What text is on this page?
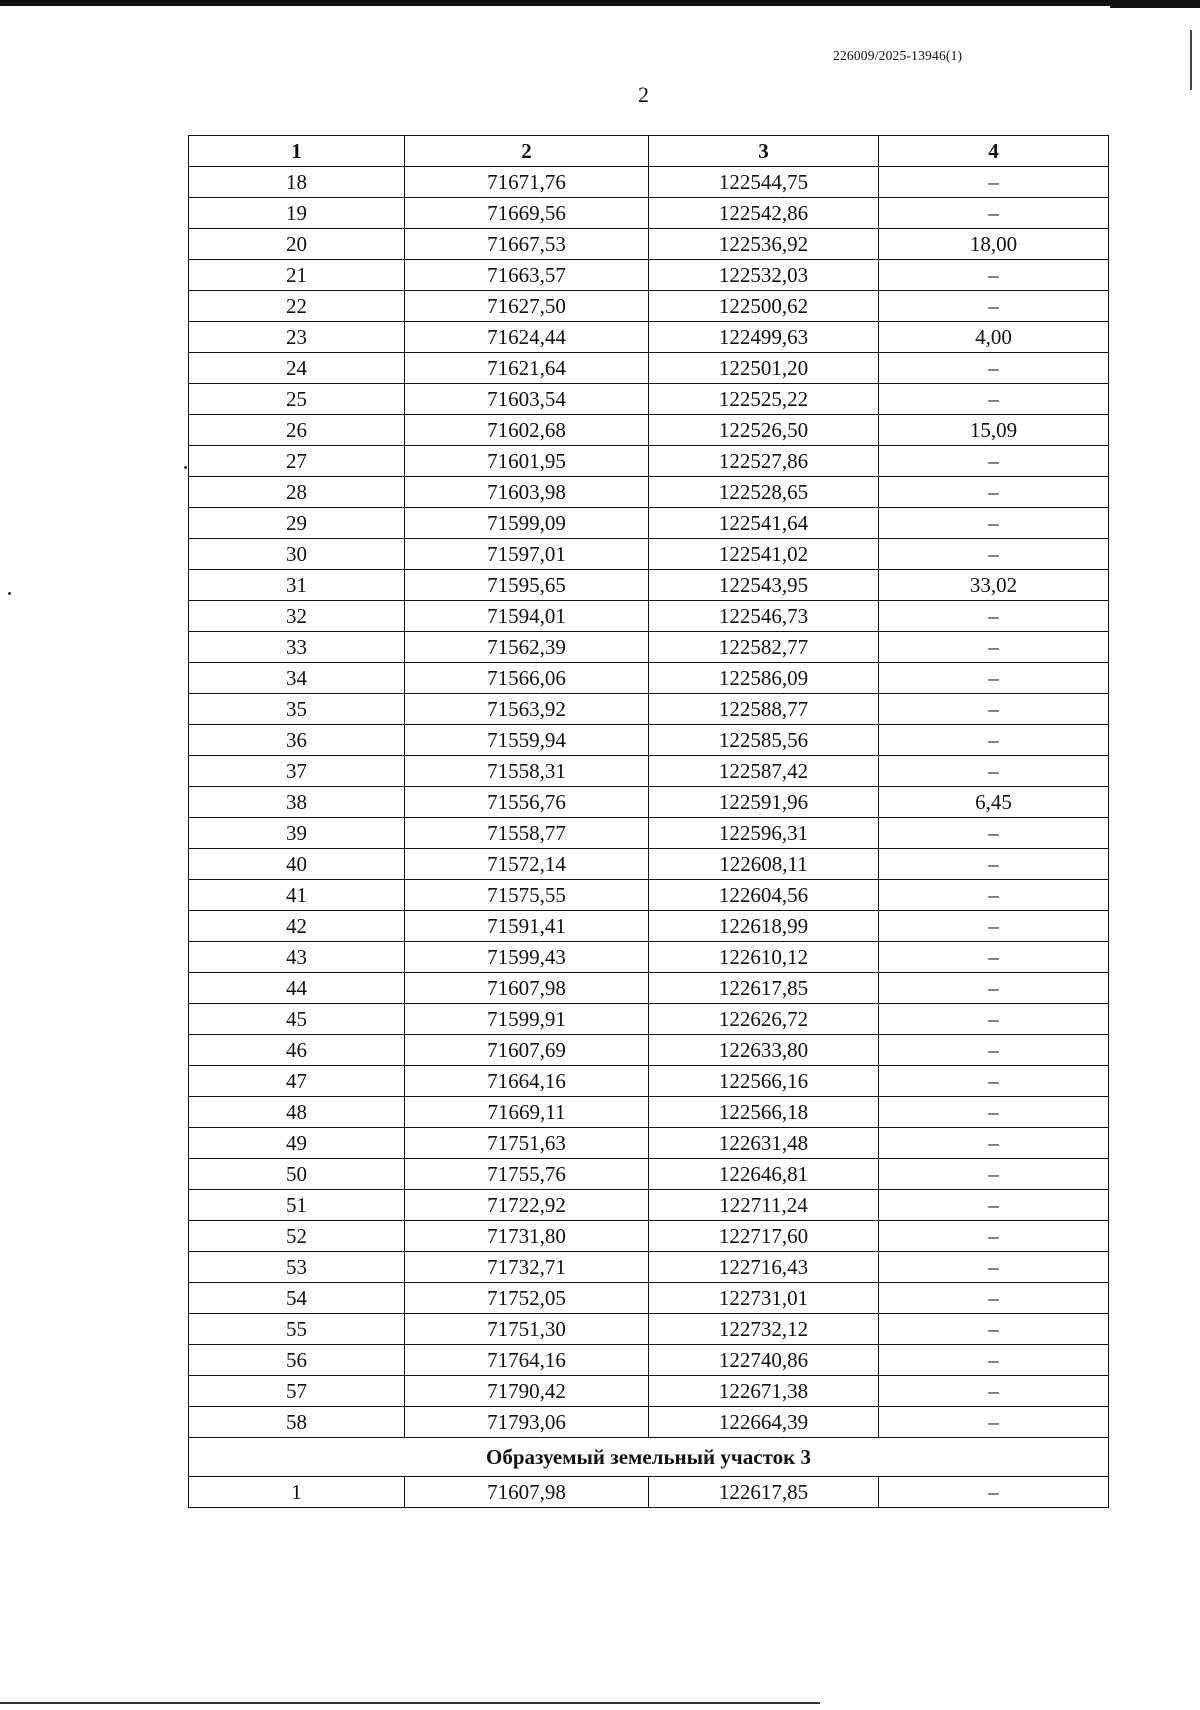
226009/2025-13946(1)
2
1	2	3	4
18	71671,76	122544,75	–
19	71669,56	122542,86	–
20	71667,53	122536,92	18,00
21	71663,57	122532,03	–
22	71627,50	122500,62	–
23	71624,44	122499,63	4,00
24	71621,64	122501,20	–
25	71603,54	122525,22	–
26	71602,68	122526,50	15,09
27	71601,95	122527,86	–
28	71603,98	122528,65	–
29	71599,09	122541,64	–
30	71597,01	122541,02	–
31	71595,65	122543,95	33,02
32	71594,01	122546,73	–
33	71562,39	122582,77	–
34	71566,06	122586,09	–
35	71563,92	122588,77	–
36	71559,94	122585,56	–
37	71558,31	122587,42	–
38	71556,76	122591,96	6,45
39	71558,77	122596,31	–
40	71572,14	122608,11	–
41	71575,55	122604,56	–
42	71591,41	122618,99	–
43	71599,43	122610,12	–
44	71607,98	122617,85	–
45	71599,91	122626,72	–
46	71607,69	122633,80	–
47	71664,16	122566,16	–
48	71669,11	122566,18	–
49	71751,63	122631,48	–
50	71755,76	122646,81	–
51	71722,92	122711,24	–
52	71731,80	122717,60	–
53	71732,71	122716,43	–
54	71752,05	122731,01	–
55	71751,30	122732,12	–
56	71764,16	122740,86	–
57	71790,42	122671,38	–
58	71793,06	122664,39	–
Образуемый земельный участок 3			
1	71607,98	122617,85	–
